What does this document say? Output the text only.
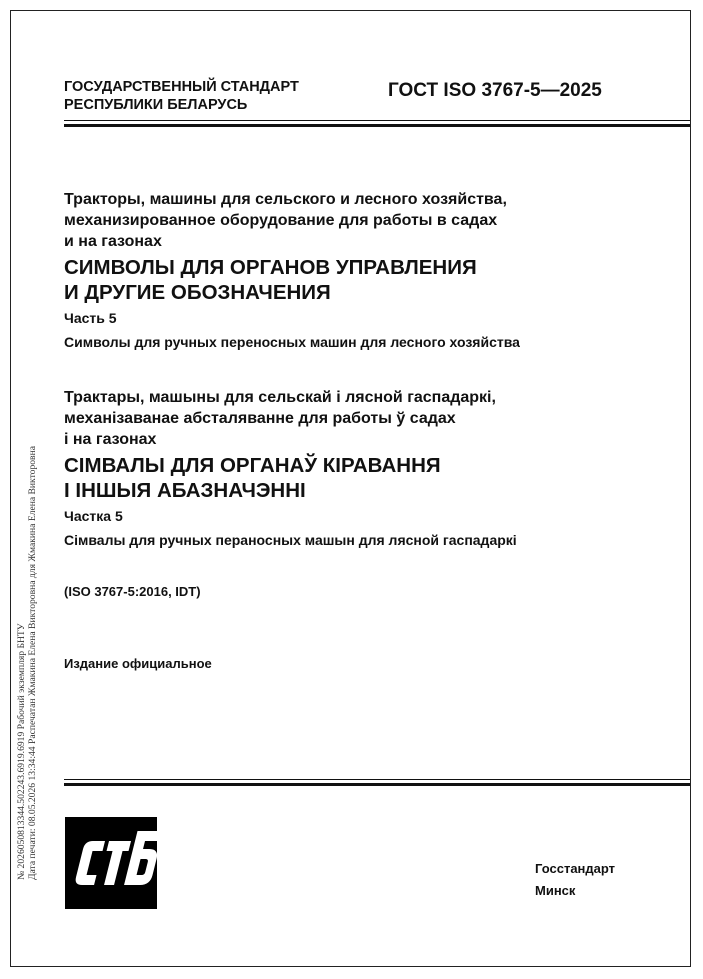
ГОСУДАРСТВЕННЫЙ СТАНДАРТ
РЕСПУБЛИКИ БЕЛАРУСЬ
ГОСТ ISO 3767-5—2025
Тракторы, машины для сельского и лесного хозяйства,
механизированное оборудование для работы в садах
и на газонах
СИМВОЛЫ ДЛЯ ОРГАНОВ УПРАВЛЕНИЯ
И ДРУГИЕ ОБОЗНАЧЕНИЯ
Часть 5
Символы для ручных переносных машин для лесного хозяйства
Трактары, машыны для сельскай і лясной гаспадаркі,
механізаванае абсталяванне для работы ў садах
і на газонах
СІМВАЛЫ ДЛЯ ОРГАНАЎ КІРАВАННЯ
І ІНШЫЯ АБАЗНАЧЭННІ
Частка 5
Сімвалы для ручных пераносных машын для лясной гаспадаркі
(ISO 3767-5:2016, IDT)
Издание официальное
№ 2026050813344.502243.6919.6919 Рабочий экземпляр БНТУ Дата печати: 08.05.2026 13:34:44 Распечатан Жмакина Елена Викторовна для Жмакина Елена Викторовна	Госстандарт
Минск
